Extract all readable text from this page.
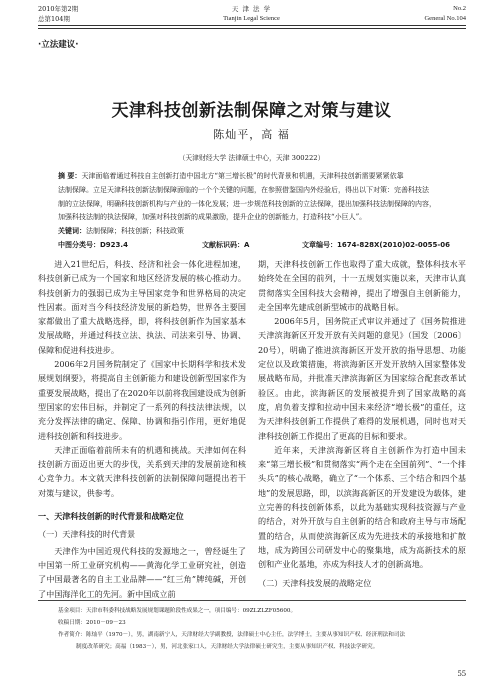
2010年第2期
总第104期
天 津 法 学
Tianjin Legal Science
No.2
General No.104
·立法建议·
天津科技创新法制保障之对策与建议
陈灿平，高 福
（天津财经大学 法律硕士中心，天津 300222）
摘 要：天津面临着通过科技自主创新打造中国北方“第三增长极”的时代背景和机遇，天津科技创新需要紧紧依靠
法制保障。立足天津科技创新法制保障面临的一个个关键的问题，在参照借鉴国内外经验后，得出以下对策：完善科技法
制的立法保障，明确科技创新机构与产业的一体化发展；进一步规范科技创新的立法保障，提出加强科技法制保障的内容，
加强科技法制的执法保障，加强对科技创新的成果激励，提升企业的创新能力，打造科技“小巨人”。
关键词：法制保障；科技创新；科技政策
中图分类号：D923.4	文献标识码：A	文章编号：1674-828X(2010)02-0055-06

进入21世纪后，科技、经济和社会一体化进程加速，科技创新已成为一个国家和地区经济发展的核心推动力。科技创新力的强弱已成为主导国家竞争和世界格局的决定性因素。面对当今科技经济发展的新趋势，世界各主要国家都做出了重大战略选择，即，将科技创新作为国家基本发展战略，并通过科技立法、执法、司法来引导、协调、保障和促进科技进步。

2006年2月国务院制定了《国家中长期科学和技术发展规划纲要》，将提高自主创新能力和建设创新型国家作为重要发展战略，提出了在2020年以前将我国建设成为创新型国家的宏伟目标，并制定了一系列的科技法律法规，以充分发挥法律的确定、保障、协调和指引作用，更好地促进科技创新和科技进步。

天津正面临着前所未有的机遇和挑战。天津如何在科技创新方面迈出更大的步伐，关系到天津的发展前途和核心竞争力。本文就天津科技创新的法制保障问题提出若干对策与建议，供参考。

一、天津科技创新的时代背景和战略定位
（一）天津科技的时代背景

天津作为中国近现代科技的发源地之一，曾经诞生了中国第一所工业研究机构——黄海化学工业研究社，创造了中国最著名的自主工业品牌——“红三角”牌纯碱，开创了中国海洋化工的先河。新中国成立前

期，天津科技创新工作也取得了重大成就，整体科技水平始终处在全国的前列，十一五规划实施以来，天津市认真贯彻落实全国科技大会精神，提出了增强自主创新能力，走全国率先建成创新型城市的战略目标。

2006年5月，国务院正式审议并通过了《国务院推进天津滨海新区开发开放有关问题的意见》（国发〔2006〕20号），明确了推进滨海新区开发开放的指导思想、功能定位以及政策措施，将滨海新区开发开放纳入国家整体发展战略布局，并批准天津滨海新区为国家综合配套改革试验区。由此，滨海新区的发展被提升到了国家战略的高度，肩负着支撑和拉动中国未来经济“增长极”的重任，这为天津科技创新工作提供了难得的发展机遇，同时也对天津科技创新工作提出了更高的目标和要求。

近年来，天津滨海新区将自主创新作为打造中国未来“第三增长极”和贯彻落实“两个走在全国前列”、“一个排头兵”的核心战略，确立了“一个体系、三个结合和四个基地”的发展思路，即，以滨海高新区的开发建设为载体，建立完善的科技创新体系，以此为基础实现科技资源与产业的结合，对外开放与自主创新的结合和政府主导与市场配置的结合，从而使滨海新区成为先进技术的承接地和扩散地，成为跨国公司研发中心的聚集地，成为高新技术的原创和产业化基地，亦成为科技人才的创新高地。

（二）天津科技发展的战略定位
基金项目：天津市科委科技战略发展规划课题阶段性成果之一，项目编号：09ZLZLZF05600。
收稿日期：2010－09－23
作者简介：陈灿平（1970－），男，湖南新宁人，天津财经大学副教授，法律硕士中心主任，法学博士，主要从事知识产权、经济刑法和司法
制度改革研究；高福（1983－），男，河北张家口人，天津财经大学法律硕士研究生，主要从事知识产权、科技法学研究。
55
